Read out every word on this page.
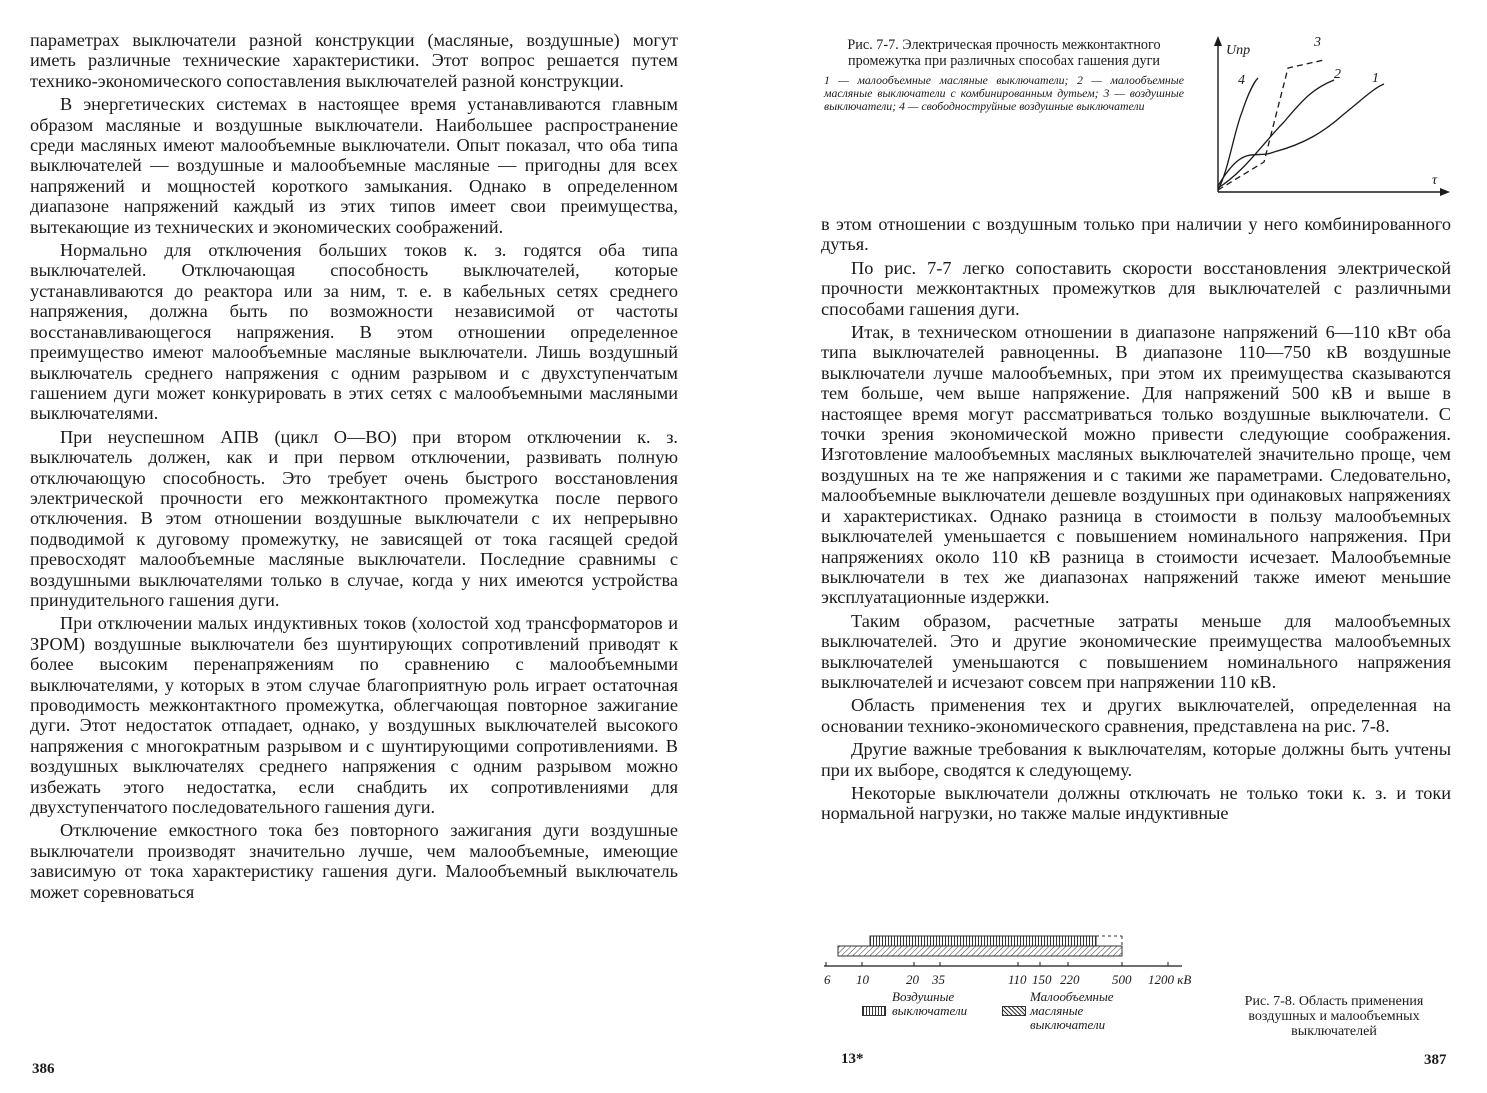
параметрах выключатели разной конструкции (масляные, воздушные) могут иметь различные технические характеристики. Этот вопрос решается путем технико-экономического сопоставления выключателей разной конструкции.

В энергетических системах в настоящее время устанавливаются главным образом масляные и воздушные выключатели. Наибольшее распространение среди масляных имеют малообъемные выключатели. Опыт показал, что оба типа выключателей — воздушные и малообъемные масляные — пригодны для всех напряжений и мощностей короткого замыкания. Однако в определенном диапазоне напряжений каждый из этих типов имеет свои преимущества, вытекающие из технических и экономических соображений.

Нормально для отключения больших токов к. з. годятся оба типа выключателей. Отключающая способность выключателей, которые устанавливаются до реактора или за ним, т. е. в кабельных сетях среднего напряжения, должна быть по возможности независимой от частоты восстанавливающегося напряжения. В этом отношении определенное преимущество имеют малообъемные масляные выключатели. Лишь воздушный выключатель среднего напряжения с одним разрывом и с двухступенчатым гашением дуги может конкурировать в этих сетях с малообъемными масляными выключателями.

При неуспешном АПВ (цикл О—ВО) при втором отключении к. з. выключатель должен, как и при первом отключении, развивать полную отключающую способность. Это требует очень быстрого восстановления электрической прочности его межконтактного промежутка после первого отключения. В этом отношении воздушные выключатели с их непрерывно подводимой к дуговому промежутку, не зависящей от тока гасящей средой превосходят малообъемные масляные выключатели. Последние сравнимы с воздушными выключателями только в случае, когда у них имеются устройства принудительного гашения дуги.

При отключении малых индуктивных токов (холостой ход трансформаторов и ЗРОМ) воздушные выключатели без шунтирующих сопротивлений приводят к более высоким перенапряжениям по сравнению с малообъемными выключателями, у которых в этом случае благоприятную роль играет остаточная проводимость межконтактного промежутка, облегчающая повторное зажигание дуги. Этот недостаток отпадает, однако, у воздушных выключателей высокого напряжения с многократным разрывом и с шунтирующими сопротивлениями. В воздушных выключателях среднего напряжения с одним разрывом можно избежать этого недостатка, если снабдить их сопротивлениями для двухступенчатого последовательного гашения дуги.

Отключение емкостного тока без повторного зажигания дуги воздушные выключатели производят значительно лучше, чем малообъемные, имеющие зависимую от тока характеристику гашения дуги. Малообъемный выключатель может соревноваться

386

Рис. 7-7. Электрическая прочность межконтактного промежутка при различных способах гашения дуги

1 — малообъемные масляные выключатели; 2 — малообъемные масляные выключатели с комбинированным дутьем; 3 — воздушные выключатели; 4 — свободноструйные воздушные выключатели

Uпр
τ
4
3
2 1

в этом отношении с воздушным только при наличии у него комбинированного дутья.

По рис. 7-7 легко сопоставить скорости восстановления электрической прочности межконтактных промежутков для выключателей с различными способами гашения дуги.

Итак, в техническом отношении в диапазоне напряжений 6—110 кВт оба типа выключателей равноценны. В диапазоне 110—750 кВ воздушные выключатели лучше малообъемных, при этом их преимущества сказываются тем больше, чем выше напряжение. Для напряжений 500 кВ и выше в настоящее время могут рассматриваться только воздушные выключатели. С точки зрения экономической можно привести следующие соображения. Изготовление малообъемных масляных выключателей значительно проще, чем воздушных на те же напряжения и с такими же параметрами. Следовательно, малообъемные выключатели дешевле воздушных при одинаковых напряжениях и характеристиках. Однако разница в стоимости в пользу малообъемных выключателей уменьшается с повышением номинального напряжения. При напряжениях около 110 кВ разница в стоимости исчезает. Малообъемные выключатели в тех же диапазонах напряжений также имеют меньшие эксплуатационные издержки.

Таким образом, расчетные затраты меньше для малообъемных выключателей. Это и другие экономические преимущества малообъемных выключателей уменьшаются с повышением номинального напряжения выключателей и исчезают совсем при напряжении 110 кВ.

Область применения тех и других выключателей, определенная на основании технико-экономического сравнения, представлена на рис. 7-8.

Другие важные требования к выключателям, которые должны быть учтены при их выборе, сводятся к следующему.

Некоторые выключатели должны отключать не только токи к. з. и токи нормальной нагрузки, но также малые индуктивные

6 10	20 35	110 150 220	500 1200 кВ
Воздушные выключатели
Малообъемные масляные выключатели
Рис. 7-8. Область применения воздушных и малообъемных выключателей
13*	387
